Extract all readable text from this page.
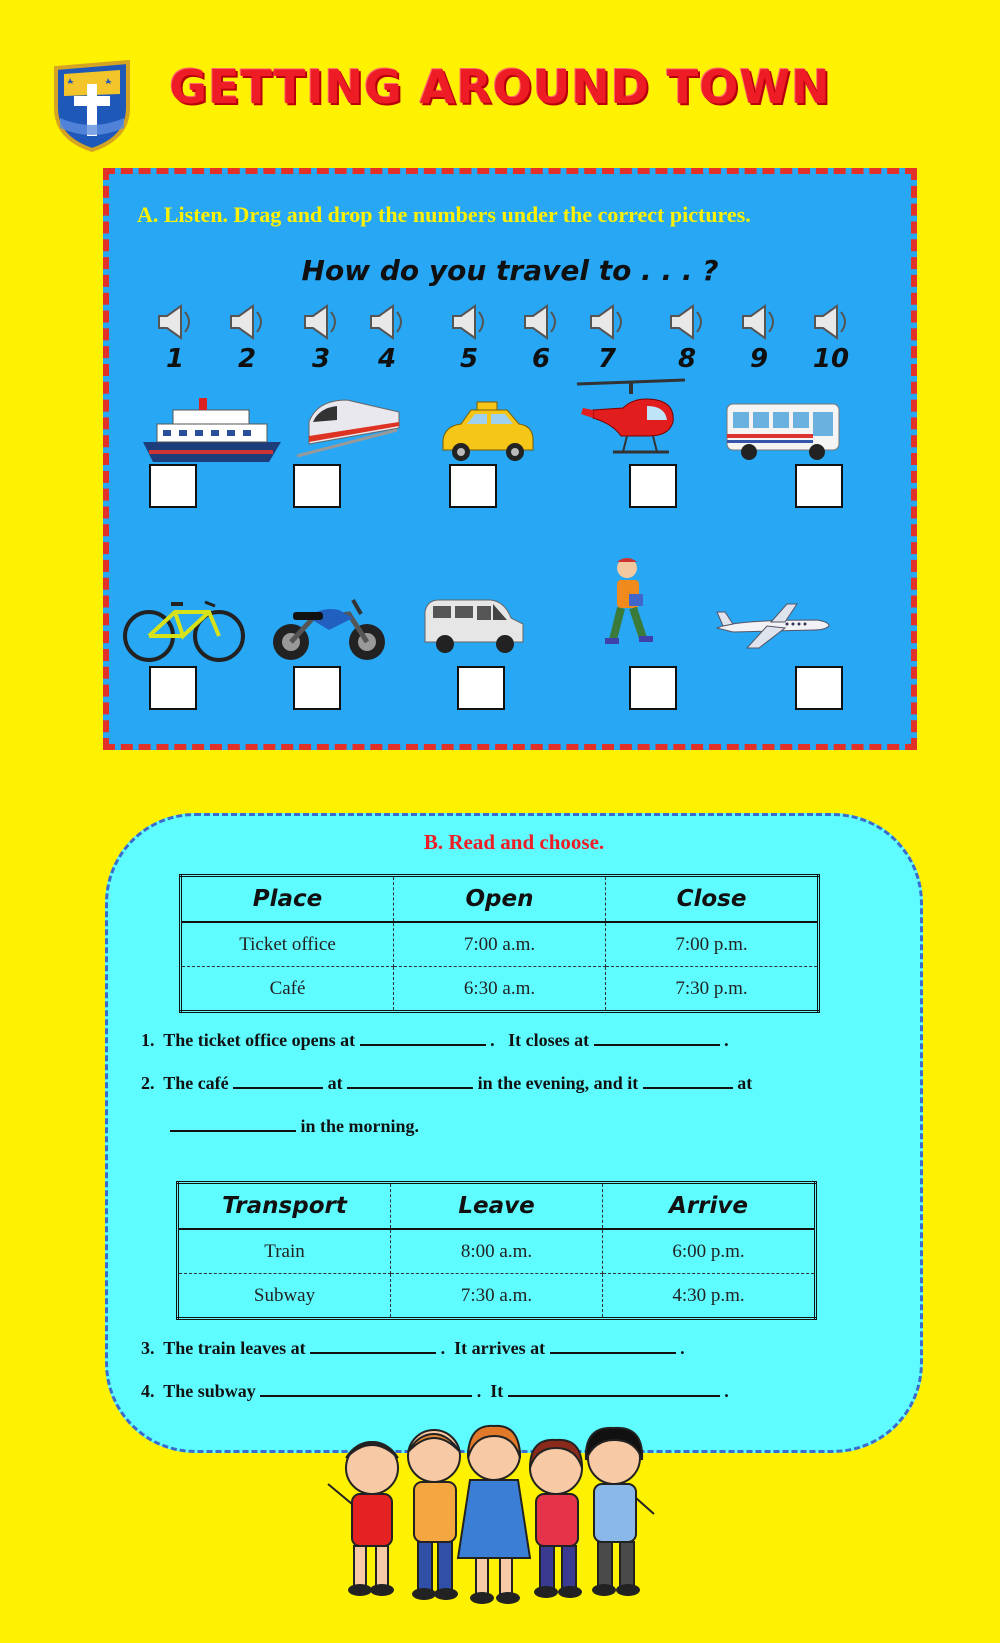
GETTING AROUND TOWN
A. Listen. Drag and drop the numbers under the correct pictures.
How do you travel to . . . ?
1	2	3	4	5	6	7	8	9	10
B. Read and choose.
Place	Open	Close
Ticket office	7:00 a.m.	7:00 p.m.
Café	6:30 a.m.	7:30 p.m.
1. The ticket office opens at	. It closes at	.
2. The café	at	in the evening, and it	at
in the morning.
Transport	Leave	Arrive
Train	8:00 a.m.	6:00 p.m.
Subway	7:30 a.m.	4:30 p.m.
3. The train leaves at	. It arrives at	.
4. The subway	. It	.
